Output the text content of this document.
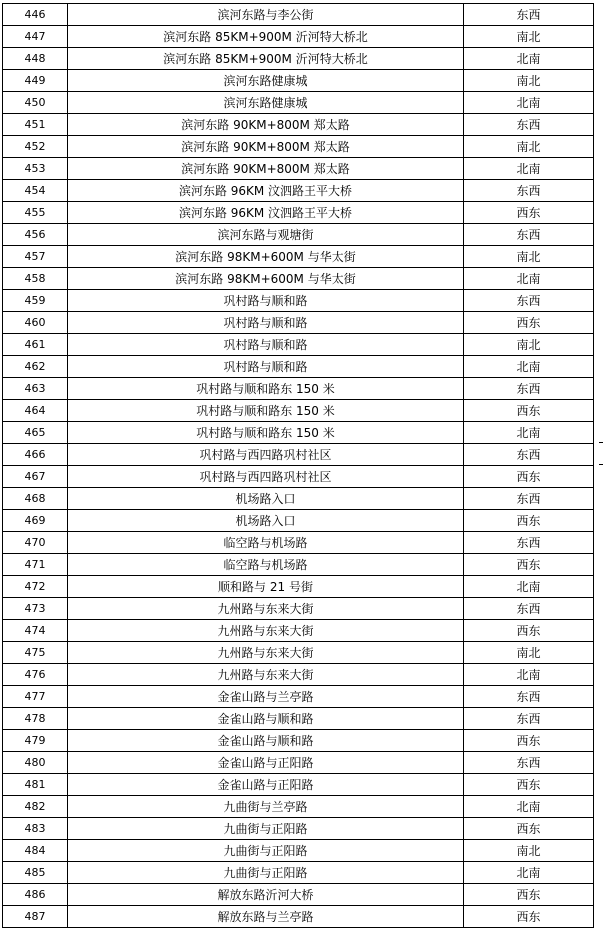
446	滨河东路与李公街	东西
447	滨河东路 85KM+900M 沂河特大桥北	南北
448	滨河东路 85KM+900M 沂河特大桥北	北南
449	滨河东路健康城	南北
450	滨河东路健康城	北南
451	滨河东路 90KM+800M 郑太路	东西
452	滨河东路 90KM+800M 郑太路	南北
453	滨河东路 90KM+800M 郑太路	北南
454	滨河东路 96KM 汶泗路王平大桥	东西
455	滨河东路 96KM 汶泗路王平大桥	西东
456	滨河东路与观塘街	东西
457	滨河东路 98KM+600M 与华太街	南北
458	滨河东路 98KM+600M 与华太街	北南
459	巩村路与顺和路	东西
460	巩村路与顺和路	西东
461	巩村路与顺和路	南北
462	巩村路与顺和路	北南
463	巩村路与顺和路东 150 米	东西
464	巩村路与顺和路东 150 米	西东
465	巩村路与顺和路东 150 米	北南
466	巩村路与西四路巩村社区	东西
467	巩村路与西四路巩村社区	西东
468	机场路入口	东西
469	机场路入口	西东
470	临空路与机场路	东西
471	临空路与机场路	西东
472	顺和路与 21 号街	北南
473	九州路与东来大街	东西
474	九州路与东来大街	西东
475	九州路与东来大街	南北
476	九州路与东来大街	北南
477	金雀山路与兰亭路	东西
478	金雀山路与顺和路	东西
479	金雀山路与顺和路	西东
480	金雀山路与正阳路	东西
481	金雀山路与正阳路	西东
482	九曲街与兰亭路	北南
483	九曲街与正阳路	西东
484	九曲街与正阳路	南北
485	九曲街与正阳路	北南
486	解放东路沂河大桥	西东
487	解放东路与兰亭路	西东
